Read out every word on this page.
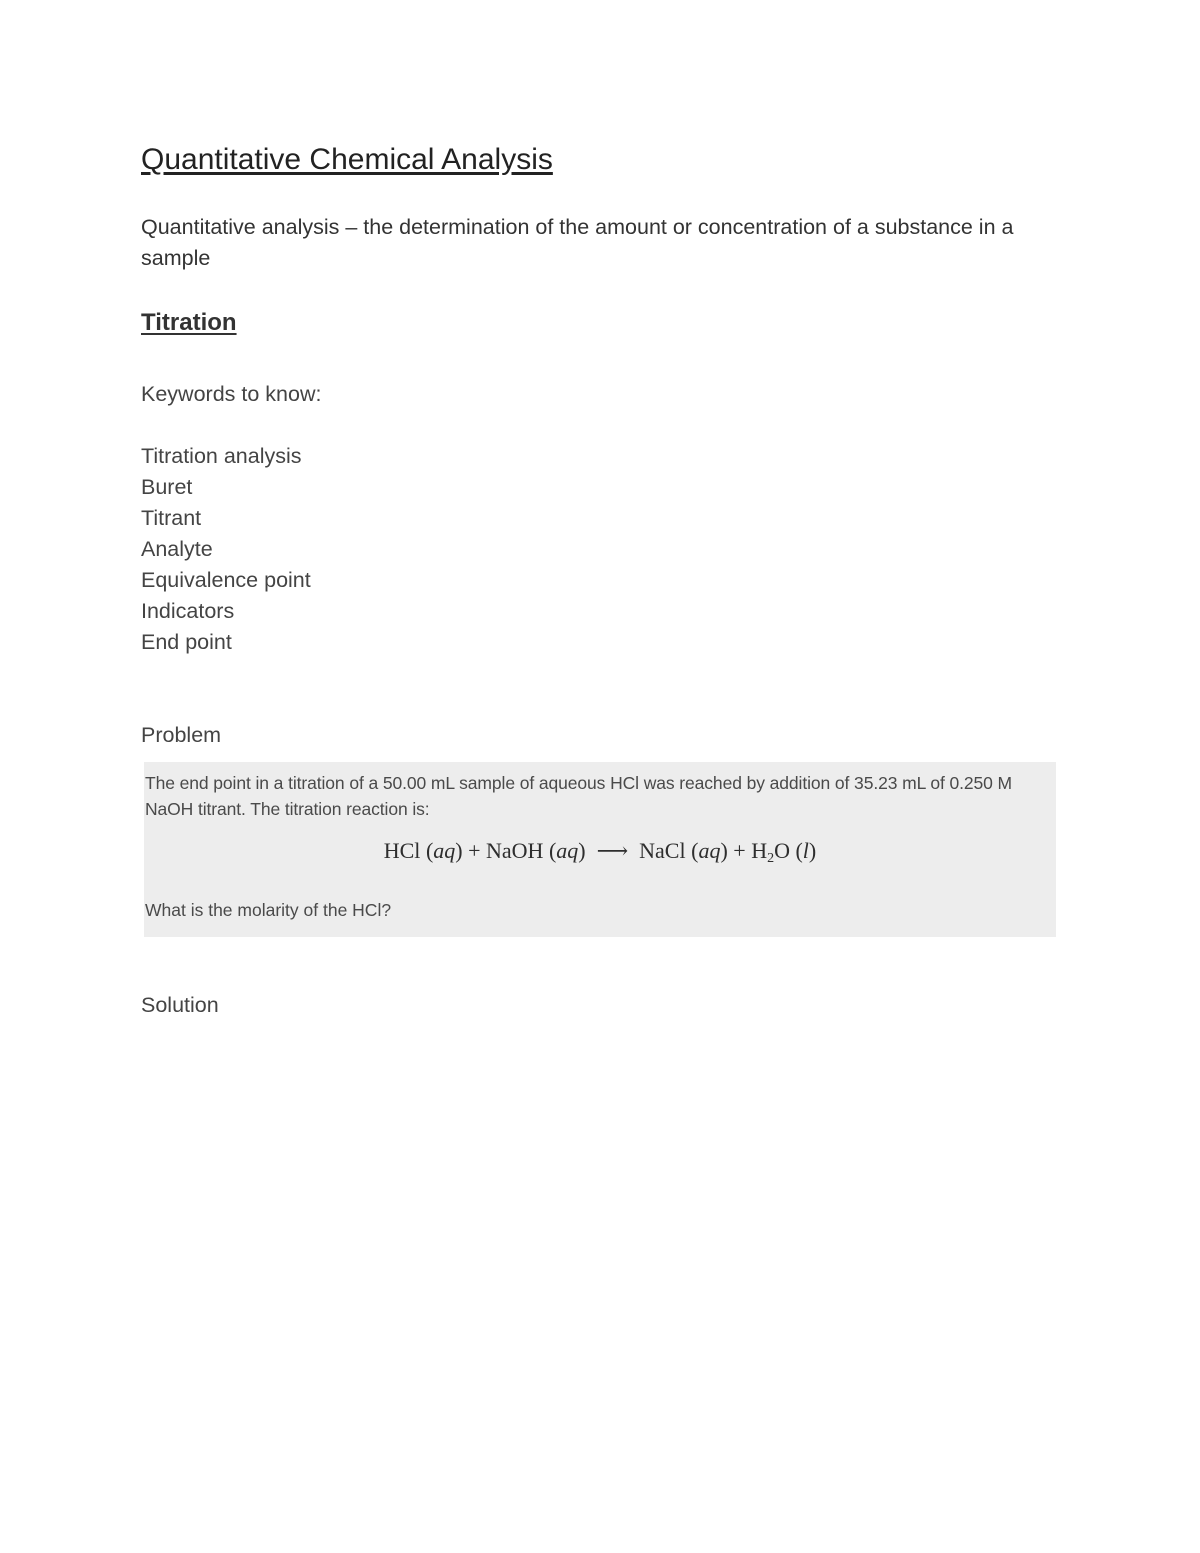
Quantitative Chemical Analysis

Quantitative analysis – the determination of the amount or concentration of a substance in a sample

Titration

Keywords to know:

Titration analysis
Buret
Titrant
Analyte
Equivalence point
Indicators
End point

Problem

The end point in a titration of a 50.00 mL sample of aqueous HCl was reached by addition of 35.23 mL of 0.250 M NaOH titrant. The titration reaction is:

HCl (aq) + NaOH (aq)  ⟶ NaCl $(aq) + H_2O$ (l)

What is the molarity of the HCl?

Solution
